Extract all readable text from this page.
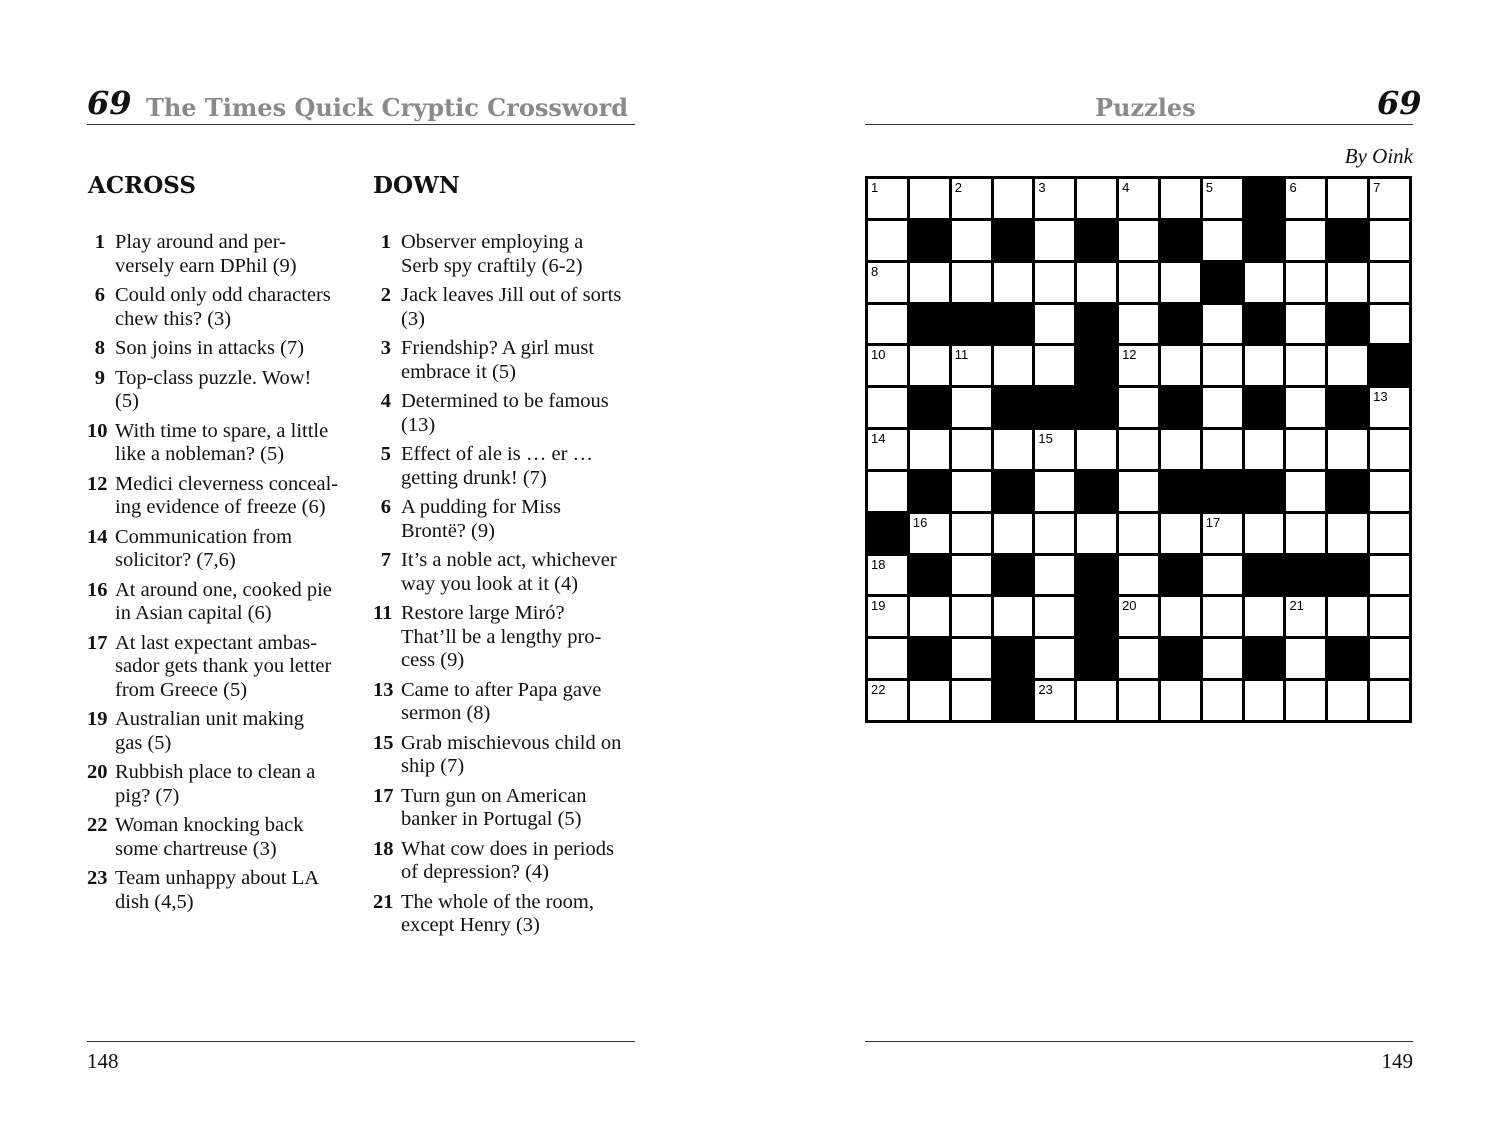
69 The Times Quick Cryptic Crossword	Puzzles	69
ACROSS	DOWN
1 Play around and per-
versely earn DPhil (9)
6 Could only odd characters
chew this? (3)
8 Son joins in attacks (7)
9 Top-class puzzle. Wow!
(5)
10 With time to spare, a little
like a nobleman? (5)
12 Medici cleverness conceal-
ing evidence of freeze (6)
14 Communication from
solicitor? (7,6)
16 At around one, cooked pie
in Asian capital (6)
17 At last expectant ambas-
sador gets thank you letter
from Greece (5)
19 Australian unit making
gas (5)
20 Rubbish place to clean a
pig? (7)
22 Woman knocking back
some chartreuse (3)
23 Team unhappy about LA
dish (4,5)
1 Observer employing a
Serb spy craftily (6-2)
2 Jack leaves Jill out of sorts
(3)
3 Friendship? A girl must
embrace it (5)
4 Determined to be famous
(13)
5 Effect of ale is … er …
getting drunk! (7)
6 A pudding for Miss
Brontë? (9)
7 It’s a noble act, whichever
way you look at it (4)
11 Restore large Miró?
That’ll be a lengthy pro-
cess (9)
13 Came to after Papa gave
sermon (8)
15 Grab mischievous child on
ship (7)
17 Turn gun on American
banker in Portugal (5)
18 What cow does in periods
of depression? (4)
21 The whole of the room,
except Henry (3)
By Oink
1	2	3	4	5	6	7
8
10	11	12
13
14	15
16	17
18
19	20	21
22	23
148	149
